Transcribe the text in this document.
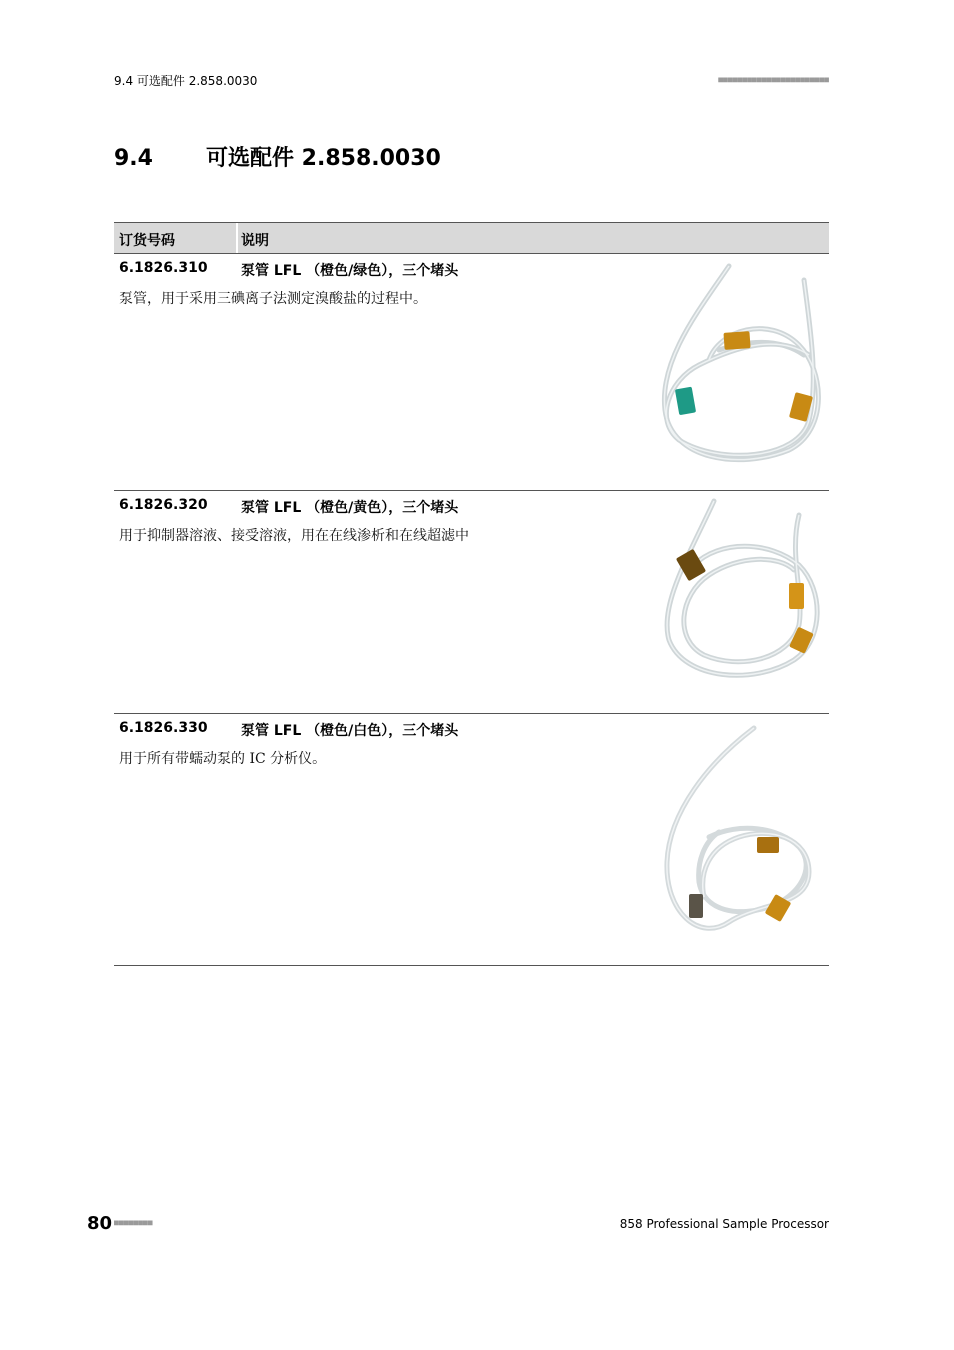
9.4 可选配件 2.858.0030	■■■■■■■■■■■■■■■■■■■■■■■
9.4 可选配件 2.858.0030
订货号码	说明
6.1826.310 泵管 LFL （橙色/绿色），三个堵头
泵管，用于采用三碘离子法测定溴酸盐的过程中。
6.1826.320 泵管 LFL （橙色/黄色），三个堵头
用于抑制器溶液、接受溶液，用在在线渗析和在线超滤中
6.1826.330 泵管 LFL （橙色/白色），三个堵头
用于所有带蠕动泵的 IC 分析仪。
80 ■■■■■■■■	858 Professional Sample Processor
